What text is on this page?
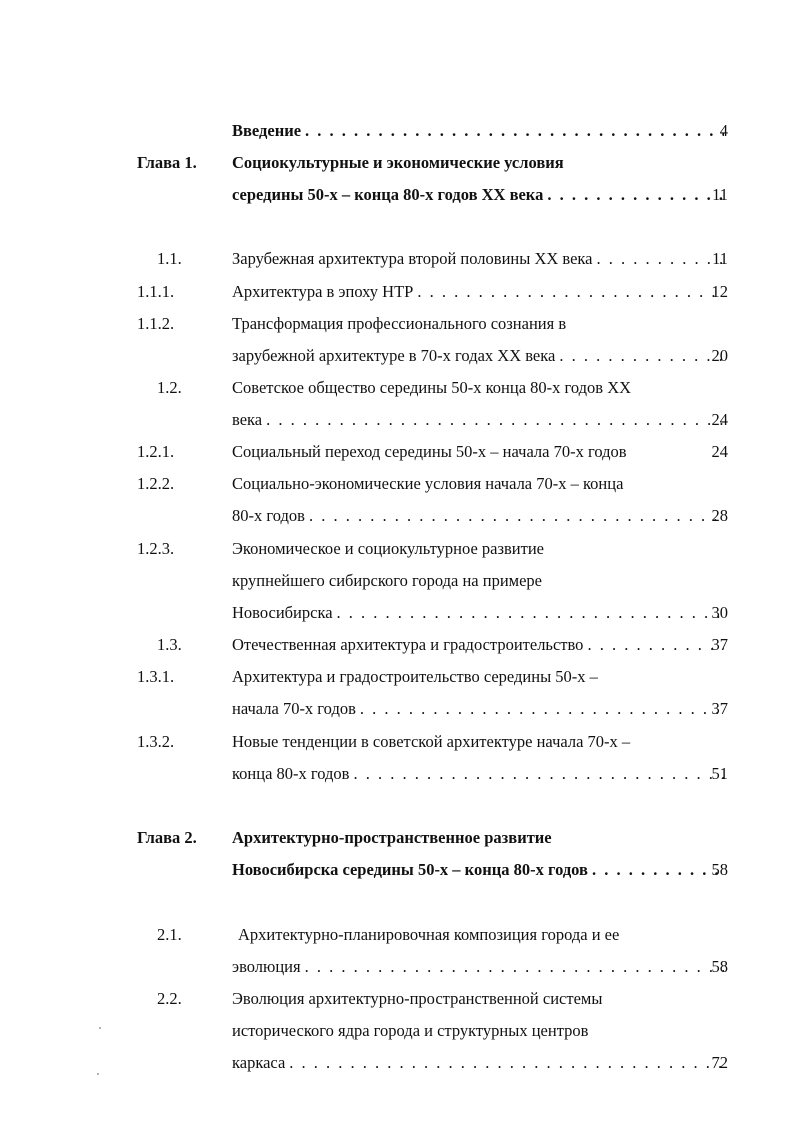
Введение . . .	4
Глава 1. Социокультурные и экономические условия
середины 50-х – конца 80-х годов XX века . . .	11
1.1.	Зарубежная архитектура второй половины XX века . . .	11
1.1.1.	Архитектура в эпоху НТР . . .	12
1.1.2.	Трансформация профессионального сознания в
зарубежной архитектуре в 70-х годах XX века . . .	20
1.2.	Советское общество середины 50-х конца 80-х годов XX
века . . .	24
1.2.1.	Социальный переход середины 50-х – начала 70-х годов	24
1.2.2.	Социально-экономические условия начала 70-х – конца
80-х годов . . .	28
1.2.3.	Экономическое и социокультурное развитие
крупнейшего сибирского города на примере
Новосибирска . . .	30
1.3.	Отечественная архитектура и градостроительство . . .	37
1.3.1.	Архитектура и градостроительство середины 50-х –
начала 70-х годов . . .	37
1.3.2.	Новые тенденции в советской архитектуре начала 70-х –
конца 80-х годов . . .	51
Глава 2. Архитектурно-пространственное развитие
Новосибирска середины 50-х – конца 80-х годов . . .	58
2.1.	Архитектурно-планировочная композиция города и ее
эволюция . . .	58
2.2.	Эволюция архитектурно-пространственной системы
исторического ядра города и структурных центров
каркаса . . .	72
